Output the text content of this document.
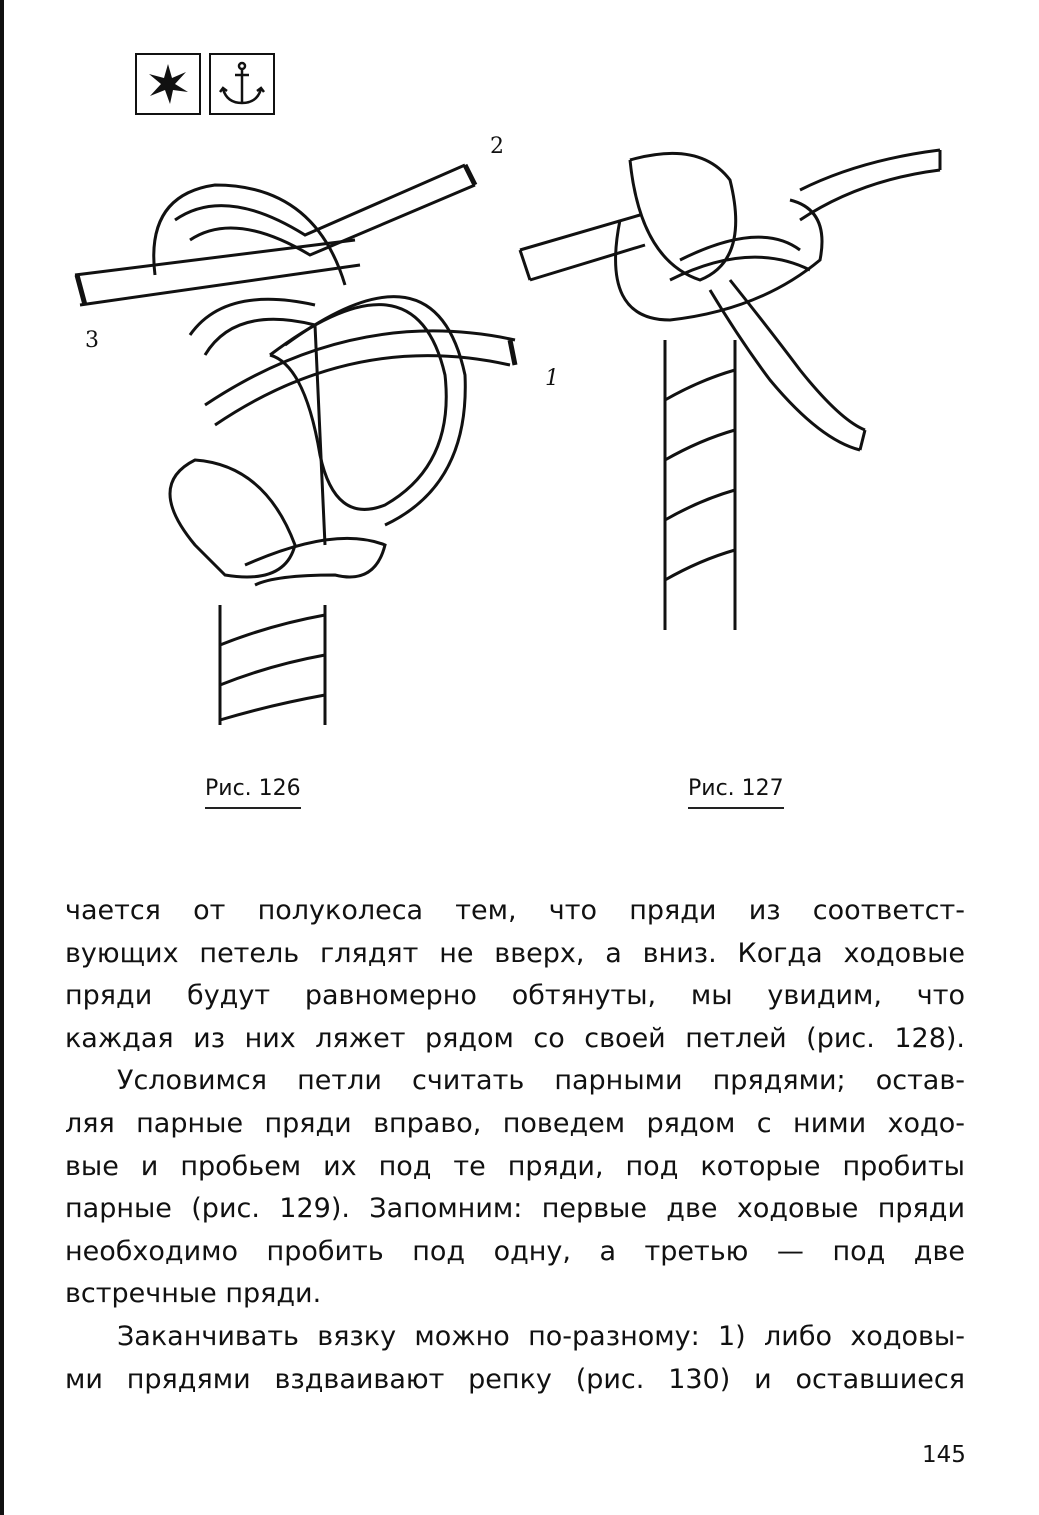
2
3
1
Рис. 126	Рис. 127
чается от полуколеса тем, что пряди из соответст-
вующих петель глядят не вверх, а вниз. Когда ходовые
пряди будут равномерно обтянуты, мы увидим, что
каждая из них ляжет рядом со своей петлей (рис. 128).
Условимся петли считать парными прядями; остав-
ляя парные пряди вправо, поведем рядом с ними ходо-
вые и пробьем их под те пряди, под которые пробиты
парные (рис. 129). Запомним: первые две ходовые пряди
необходимо пробить под одну, а третью — под две
встречные пряди.
Заканчивать вязку можно по-разному: 1) либо ходовы-
ми прядями вздваивают репку (рис. 130) и оставшиеся
145
